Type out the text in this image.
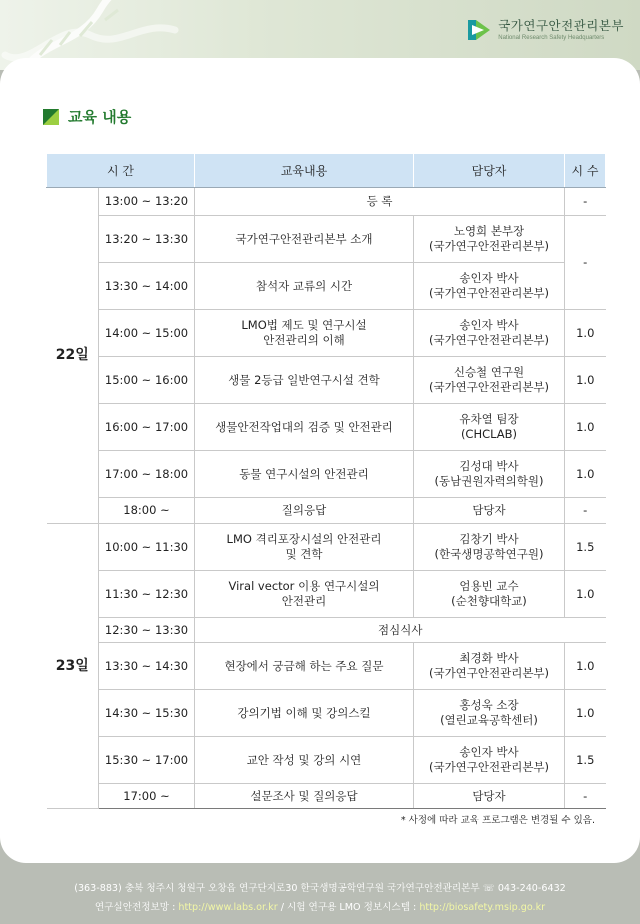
국가연구안전관리본부
National Research Safety Headquarters
교육 내용
시 간		교육내용	담당자	시 수
22일	13:00 ~ 13:20	등 록		-
	13:20 ~ 13:30	국가연구안전관리본부 소개	노영희 본부장
(국가연구안전관리본부)	-
	13:30 ~ 14:00	참석자 교류의 시간	송인자 박사
(국가연구안전관리본부)	
	14:00 ~ 15:00	LMO법 제도 및 연구시설
안전관리의 이해	송인자 박사
(국가연구안전관리본부)	1.0
	15:00 ~ 16:00	생물 2등급 일반연구시설 견학	신승철 연구원
(국가연구안전관리본부)	1.0
	16:00 ~ 17:00	생물안전작업대의 검증 및 안전관리	유차열 팀장
(CHCLAB)	1.0
	17:00 ~ 18:00	동물 연구시설의 안전관리	김성대 박사
(동남권원자력의학원)	1.0
	18:00 ~	질의응답	담당자	-
23일	10:00 ~ 11:30	LMO 격리포장시설의 안전관리
및 견학	김창기 박사
(한국생명공학연구원)	1.5
	11:30 ~ 12:30	Viral vector 이용 연구시설의
안전관리	엄용빈 교수
(순천향대학교)	1.0
	12:30 ~ 13:30	점심식사		
	13:30 ~ 14:30	현장에서 궁금해 하는 주요 질문	최경화 박사
(국가연구안전관리본부)	1.0
	14:30 ~ 15:30	강의기법 이해 및 강의스킬	홍성욱 소장
(열린교육공학센터)	1.0
	15:30 ~ 17:00	교안 작성 및 강의 시연	송인자 박사
(국가연구안전관리본부)	1.5
	17:00 ~	설문조사 및 질의응답	담당자	-
* 사정에 따라 교육 프로그램은 변경될 수 있음.

(363-883) 충북 청주시 청원구 오창읍 연구단지로30 한국생명공학연구원 국가연구안전관리본부 ☏ 043-240-6432

연구실안전정보망 : http://www.labs.or.kr / 시험 연구용 LMO 정보시스템 : http://biosafety.msip.go.kr
